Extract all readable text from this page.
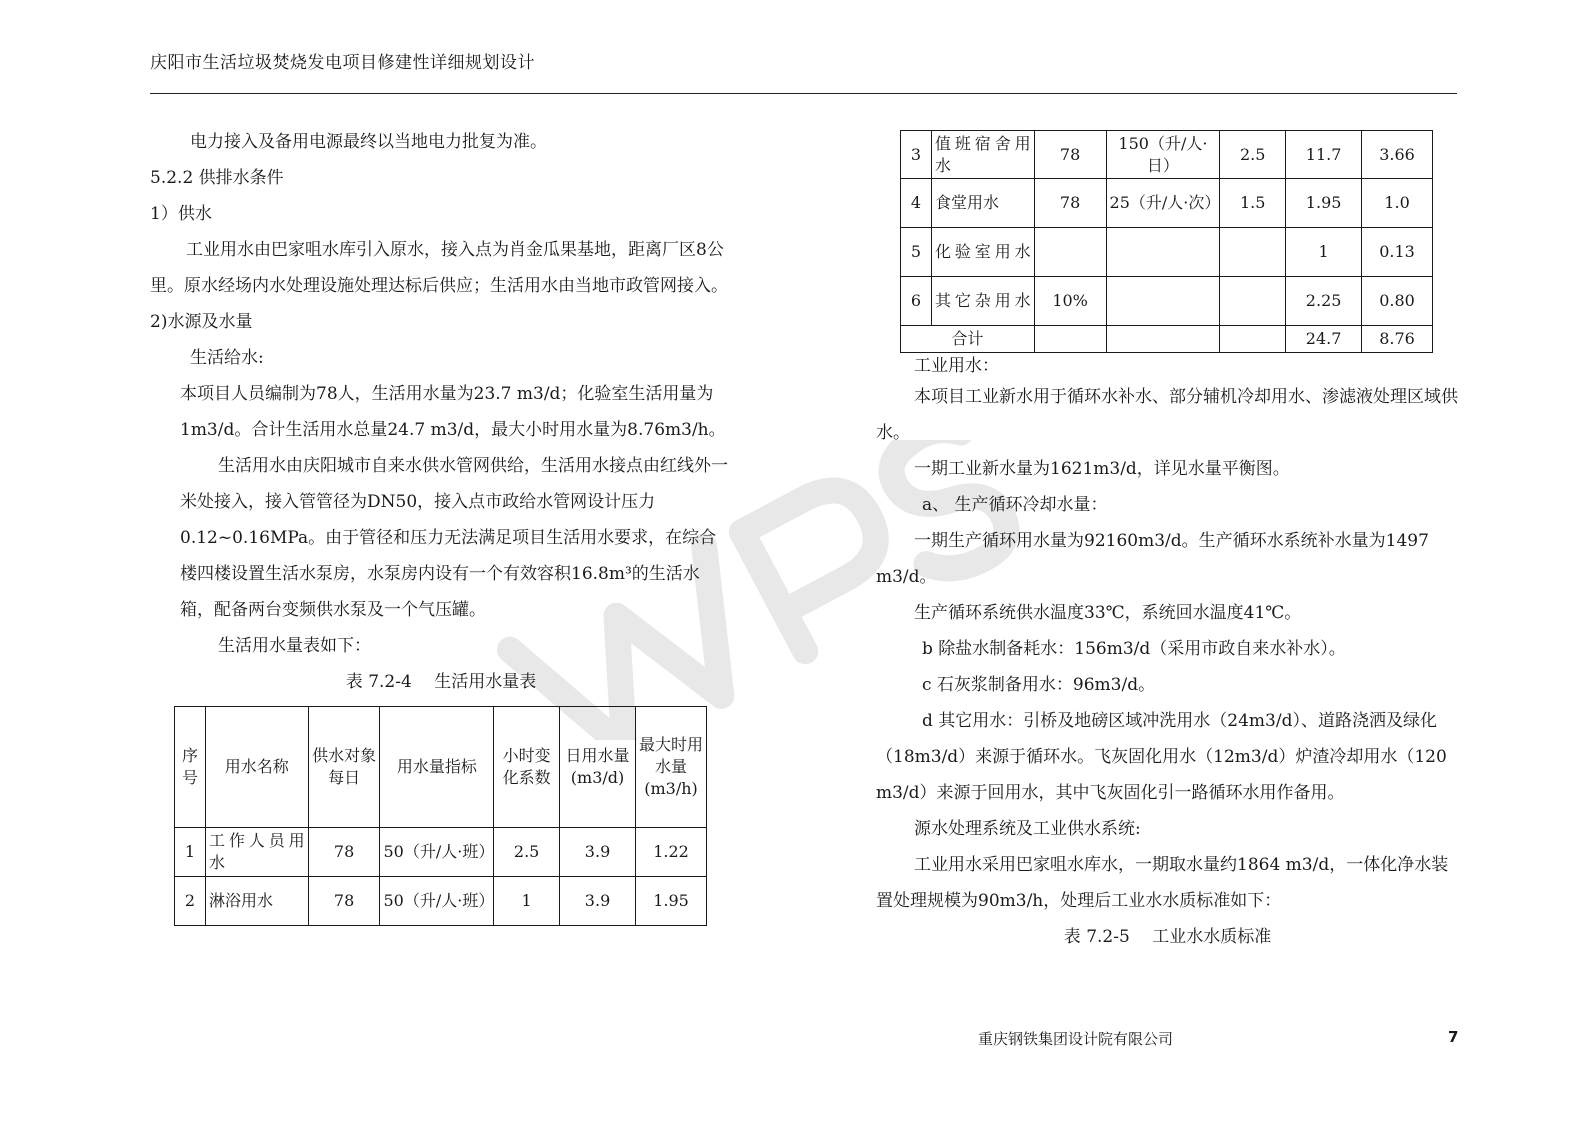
庆阳市生活垃圾焚烧发电项目修建性详细规划设计

电力接入及备用电源最终以当地电力批复为准。

5.2.2 供排水条件

1）供水

工业用水由巴家咀水库引入原水，接入点为肖金瓜果基地，距离厂区8公里。原水经场内水处理设施处理达标后供应；生活用水由当地市政管网接入。

2)水源及水量

生活给水:

本项目人员编制为78人，生活用水量为23.7 m3/d；化验室生活用量为1m3/d。合计生活用水总量24.7 m3/d，最大小时用水量为8.76m3/h。

生活用水由庆阳城市自来水供水管网供给，生活用水接点由红线外一米处接入，接入管管径为DN50，接入点市政给水管网设计压力0.12~0.16MPa。由于管径和压力无法满足项目生活用水要求，在综合楼四楼设置生活水泵房，水泵房内设有一个有效容积16.8m³的生活水箱，配备两台变频供水泵及一个气压罐。

生活用水量表如下：

表 7.2-4　 生活用水量表

序号	用水名称	供水对象每日	用水量指标	小时变化系数	日用水量(m3/d)	最大时用水量(m3/h)
1	工作人员用水	78	50（升/人·班）	2.5	3.9	1.22
2	淋浴用水	78	50（升/人·班）	1	3.9	1.95
3	值班宿舍用水	78	150（升/人·日）	2.5	11.7	3.66
4	食堂用水	78	25（升/人·次）	1.5	1.95	1.0
5	化验室用水				1	0.13
6	其它杂用水	10%			2.25	0.80
合计					24.7	8.76

工业用水：

本项目工业新水用于循环水补水、部分辅机冷却用水、渗滤液处理区域供水。

一期工业新水量为1621m3/d，详见水量平衡图。

a、 生产循环冷却水量：

一期生产循环用水量为92160m3/d。生产循环水系统补水量为1497 m3/d。

生产循环系统供水温度33℃，系统回水温度41℃。

b 除盐水制备耗水：156m3/d（采用市政自来水补水）。

c 石灰浆制备用水：96m3/d。

d 其它用水：引桥及地磅区域冲洗用水（24m3/d）、道路浇洒及绿化（18m3/d）来源于循环水。飞灰固化用水（12m3/d）炉渣冷却用水（120 m3/d）来源于回用水，其中飞灰固化引一路循环水用作备用。

源水处理系统及工业供水系统:

工业用水采用巴家咀水库水，一期取水量约1864 m3/d，一体化净水装置处理规模为90m3/h，处理后工业水水质标准如下：

表 7.2-5　 工业水水质标准

重庆钢铁集团设计院有限公司	7
